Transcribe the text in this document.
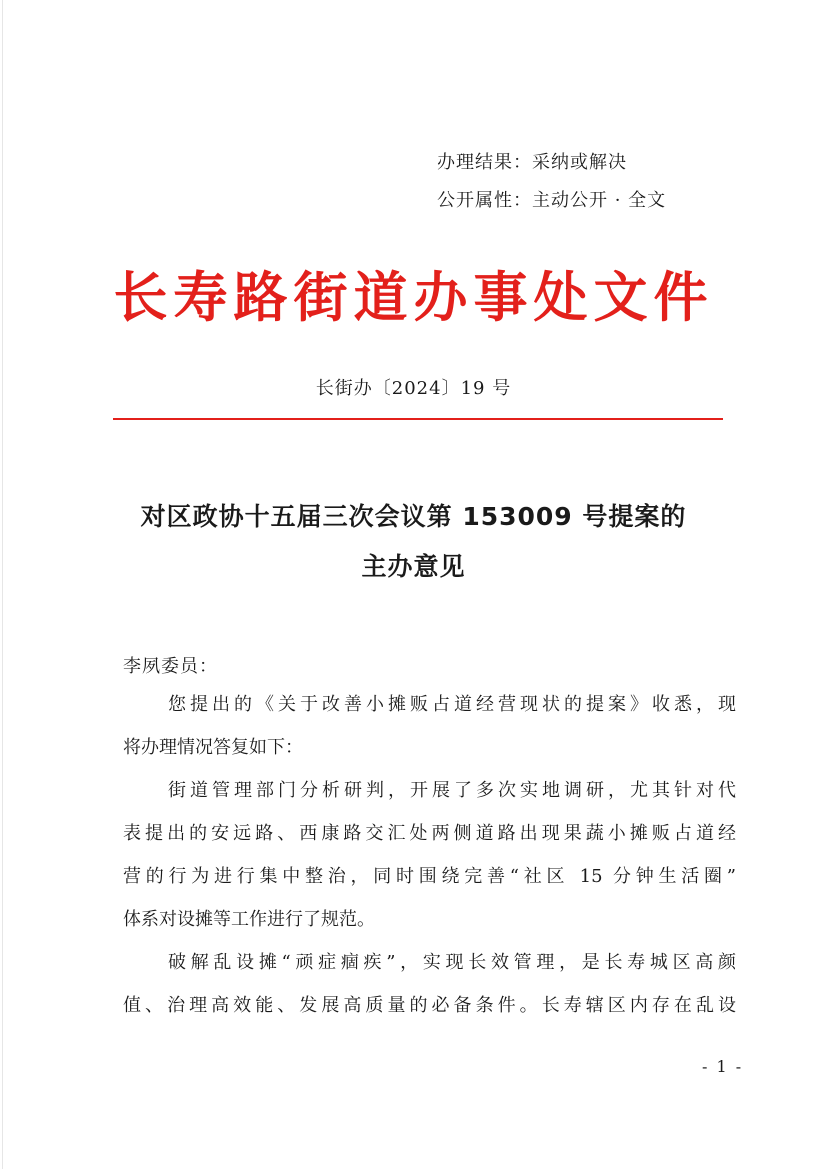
办理结果：采纳或解决
公开属性：主动公开 · 全文
长寿路街道办事处文件
长街办〔2024〕19 号
对区政协十五届三次会议第 153009 号提案的
主办意见
李夙委员：
您提出的《关于改善小摊贩占道经营现状的提案》收悉，现
将办理情况答复如下：
街道管理部门分析研判，开展了多次实地调研，尤其针对代
表提出的安远路、西康路交汇处两侧道路出现果蔬小摊贩占道经
营的行为进行集中整治，同时围绕完善“社区 15 分钟生活圈”
体系对设摊等工作进行了规范。
破解乱设摊“顽症痼疾”，实现长效管理，是长寿城区高颜
值、治理高效能、发展高质量的必备条件。长寿辖区内存在乱设
- 1 -
